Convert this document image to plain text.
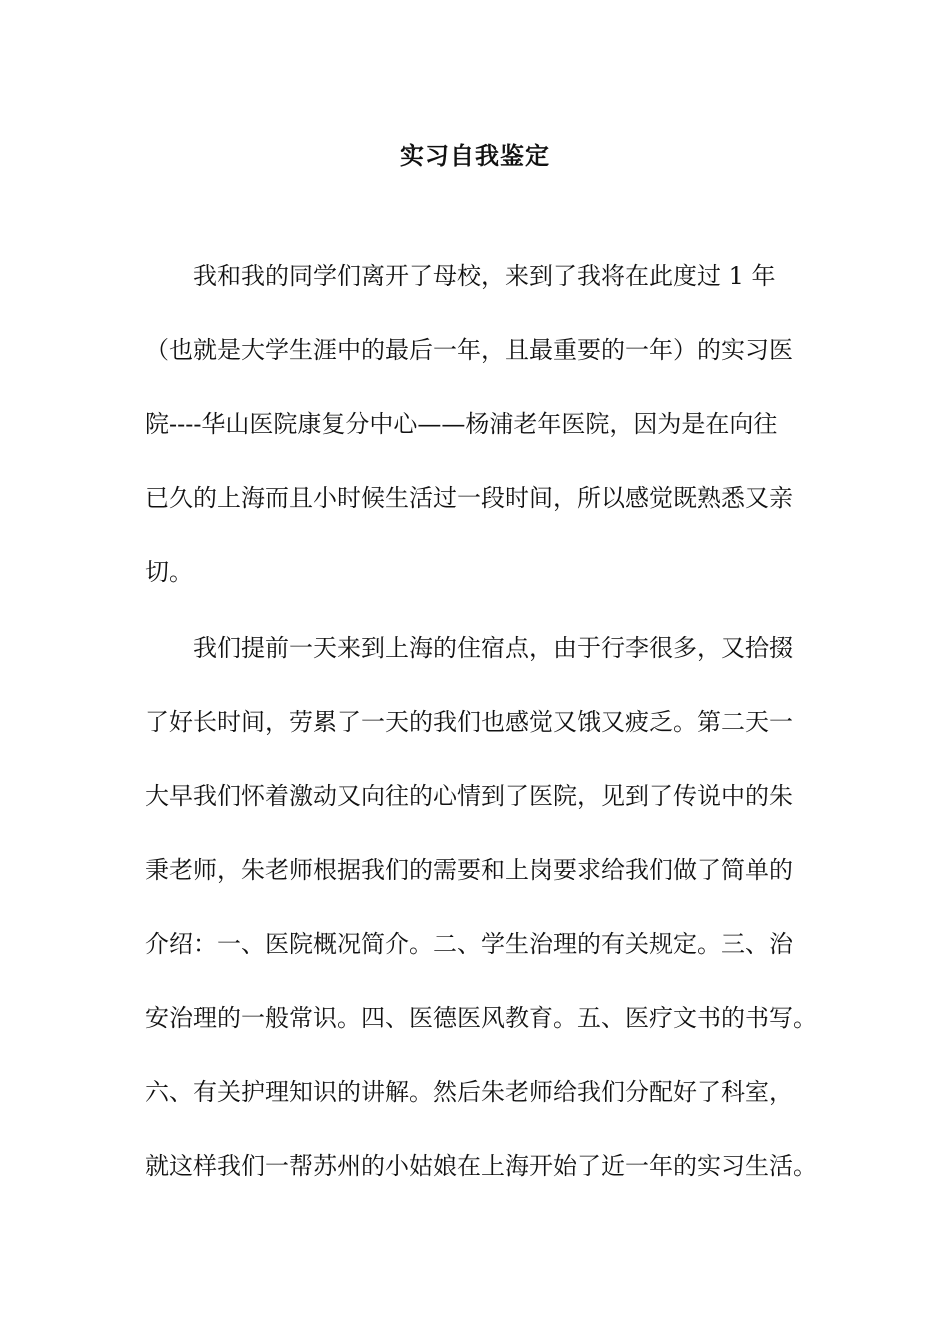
实习自我鉴定
　　我和我的同学们离开了母校，来到了我将在此度过 1 年
（也就是大学生涯中的最后一年，且最重要的一年）的实习医
院----华山医院康复分中心——杨浦老年医院，因为是在向往
已久的上海而且小时候生活过一段时间，所以感觉既熟悉又亲
切。
　　我们提前一天来到上海的住宿点，由于行李很多，又拾掇
了好长时间，劳累了一天的我们也感觉又饿又疲乏。第二天一
大早我们怀着激动又向往的心情到了医院，见到了传说中的朱
秉老师，朱老师根据我们的需要和上岗要求给我们做了简单的
介绍：一、医院概况简介。二、学生治理的有关规定。三、治
安治理的一般常识。四、医德医风教育。五、医疗文书的书写。
六、有关护理知识的讲解。然后朱老师给我们分配好了科室，
就这样我们一帮苏州的小姑娘在上海开始了近一年的实习生活。
